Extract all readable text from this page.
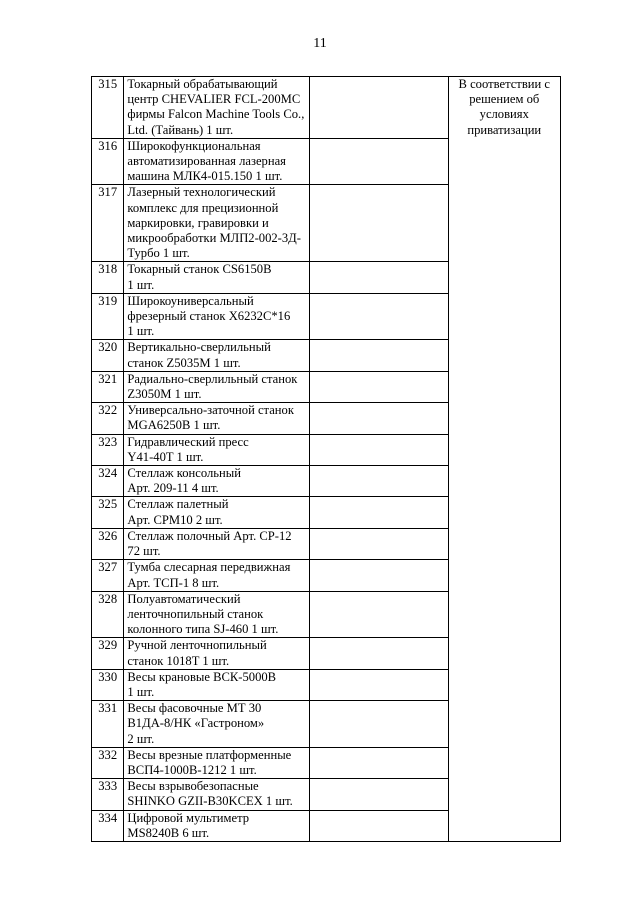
11
315	Токарный обрабатывающий центр CHEVALIER FCL-200MC фирмы Falcon Machine Tools Co., Ltd. (Тайвань) 1 шт.		В соответствии с решением об условиях приватизации
316	Широкофункциональная автоматизированная лазерная машина МЛК4-015.150 1 шт.		
317	Лазерный технологический комплекс для прецизионной маркировки, гравировки и микрообработки МЛП2-002-3Д-Турбо 1 шт.		
318	Токарный станок CS6150B
1 шт.		
319	Широкоуниверсальный фрезерный станок Х6232С*16
1 шт.		
320	Вертикально-сверлильный станок Z5035M 1 шт.		
321	Радиально-сверлильный станок Z3050M 1 шт.		
322	Универсально-заточной станок MGA6250B 1 шт.		
323	Гидравлический пресс
Y41-40T 1 шт.		
324	Стеллаж консольный
Арт. 209-11 4 шт.		
325	Стеллаж палетный
Арт. СРМ10 2 шт.		
326	Стеллаж полочный Арт. СР-12
72 шт.		
327	Тумба слесарная передвижная Арт. ТСП-1 8 шт.		
328	Полуавтоматический ленточнопильный станок колонного типа SJ-460 1 шт.		
329	Ручной ленточнопильный станок 1018T 1 шт.		
330	Весы крановые ВСК-5000В
1 шт.		
331	Весы фасовочные МТ 30
В1ДА-8/НК «Гастроном»
2 шт.		
332	Весы врезные платформенные ВСП4-1000В-1212 1 шт.		
333	Весы взрывобезопасные SHINKO GZII-B30KCEX 1 шт.		
334	Цифровой мультиметр
MS8240B 6 шт.		
